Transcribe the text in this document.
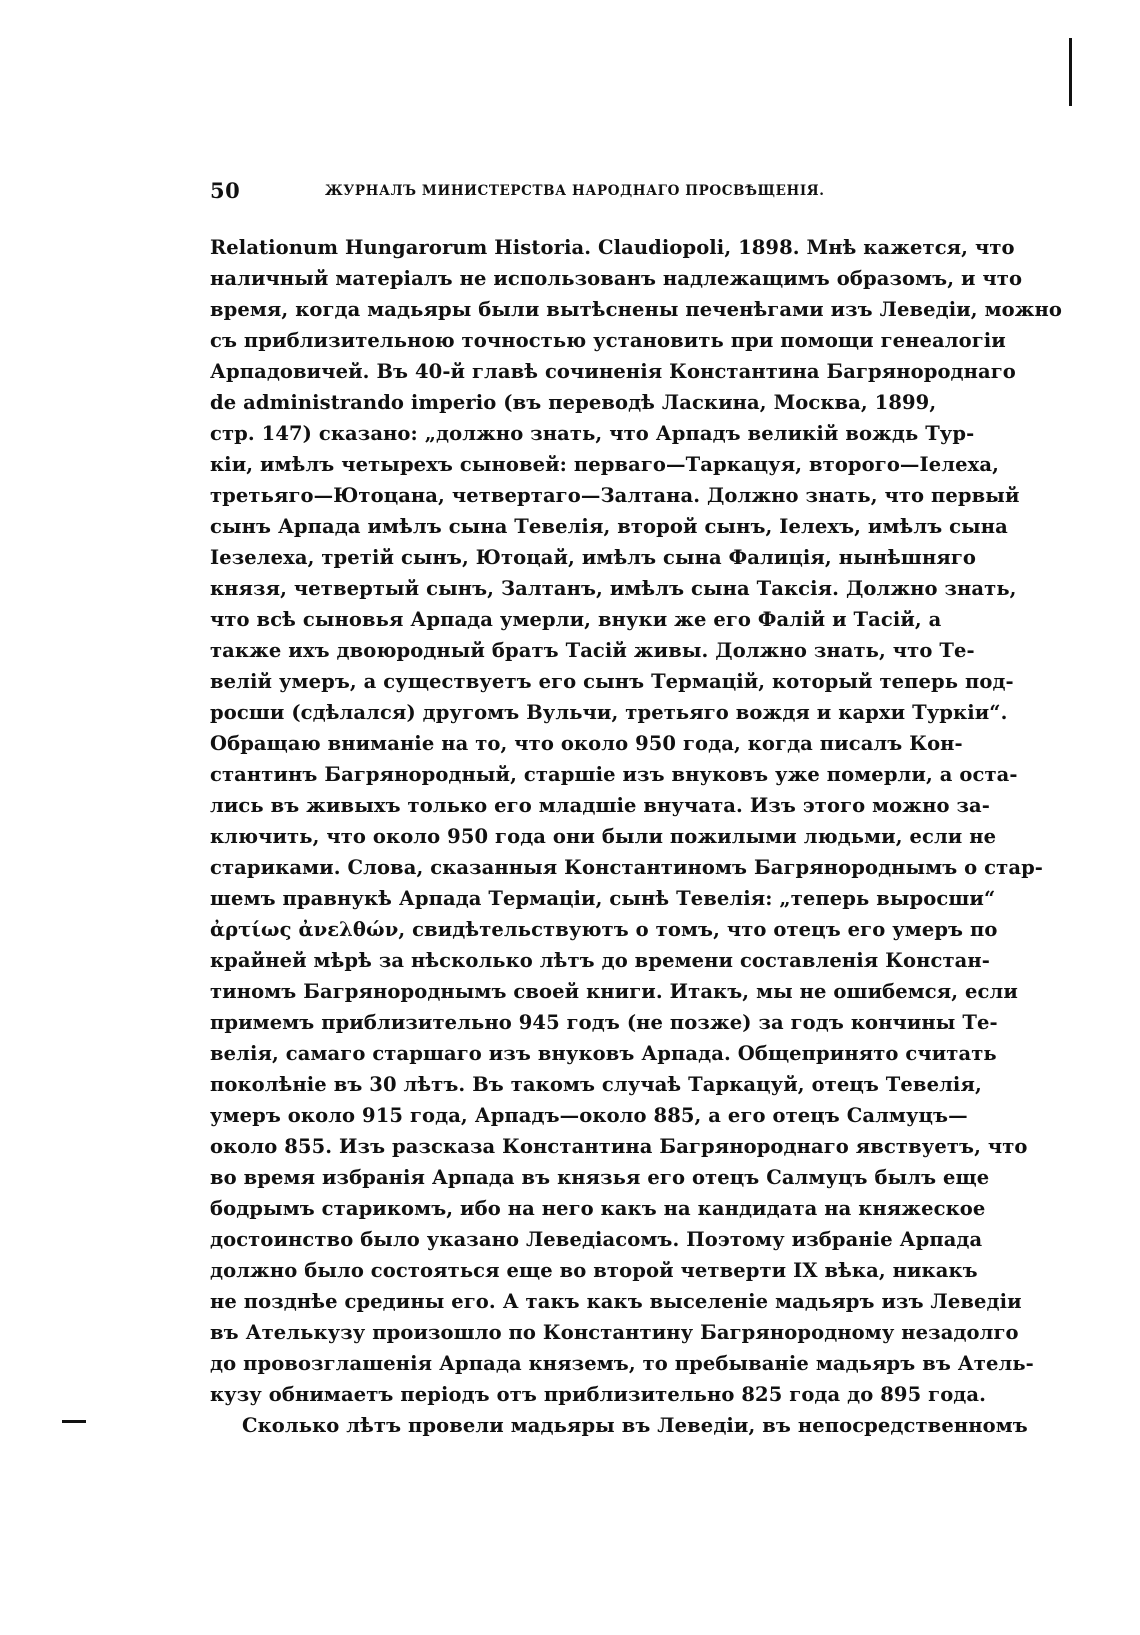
50	ЖУРНАЛЪ МИНИСТЕРСТВА НАРОДНАГО ПРОСВѢЩЕНІЯ.
Relationum Hungarorum Historia. Claudiopoli, 1898. Мнѣ кажется, что
наличный матеріалъ не использованъ надлежащимъ образомъ, и что
время, когда мадьяры были вытѣснены печенѣгами изъ Леведіи, можно
съ приблизительною точностью установить при помощи генеалогіи
Арпадовичей. Въ 40-й главѣ сочиненія Константина Багрянороднаго
de administrando imperio (въ переводѣ Ласкина, Москва, 1899,
стр. 147) сказано: „должно знать, что Арпадъ великій вождь Тур-
кіи, имѣлъ четырехъ сыновей: перваго—Таркацуя, второго—Іелеха,
третьяго—Ютоцана, четвертаго—Залтана. Должно знать, что первый
сынъ Арпада имѣлъ сына Тевелія, второй сынъ, Іелехъ, имѣлъ сына
Іезелеха, третій сынъ, Ютоцай, имѣлъ сына Фалиція, нынѣшняго
князя, четвертый сынъ, Залтанъ, имѣлъ сына Таксія. Должно знать,
что всѣ сыновья Арпада умерли, внуки же его Фалій и Тасій, а
также ихъ двоюродный братъ Тасій живы. Должно знать, что Те-
велій умеръ, а существуетъ его сынъ Термацій, который теперь под-
росши (сдѣлался) другомъ Вульчи, третьяго вождя и кархи Туркіи“.
Обращаю вниманіе на то, что около 950 года, когда писалъ Кон-
стантинъ Багрянородный, старшіе изъ внуковъ уже померли, а оста-
лись въ живыхъ только его младшіе внучата. Изъ этого можно за-
ключить, что около 950 года они были пожилыми людьми, если не
стариками. Слова, сказанныя Константиномъ Багрянороднымъ о стар-
шемъ правнукѣ Арпада Термаціи, сынѣ Тевелія: „теперь выросши“
ἀρτίως ἀνελθών, свидѣтельствуютъ о томъ, что отецъ его умеръ по
крайней мѣрѣ за нѣсколько лѣтъ до времени составленія Констан-
тиномъ Багрянороднымъ своей книги. Итакъ, мы не ошибемся, если
примемъ приблизительно 945 годъ (не позже) за годъ кончины Те-
велія, самаго старшаго изъ внуковъ Арпада. Общепринято считать
поколѣніе въ 30 лѣтъ. Въ такомъ случаѣ Таркацуй, отецъ Тевелія,
умеръ около 915 года, Арпадъ—около 885, а его отецъ Салмуцъ—
около 855. Изъ разсказа Константина Багрянороднаго явствуетъ, что
во время избранія Арпада въ князья его отецъ Салмуцъ былъ еще
бодрымъ старикомъ, ибо на него какъ на кандидата на княжеское
достоинство было указано Леведіасомъ. Поэтому избраніе Арпада
должно было состояться еще во второй четверти IX вѣка, никакъ
не позднѣе средины его. А такъ какъ выселеніе мадьяръ изъ Леведіи
въ Ателькузу произошло по Константину Багрянородному незадолго
до провозглашенія Арпада княземъ, то пребываніе мадьяръ въ Атель-
кузу обнимаетъ періодъ отъ приблизительно 825 года до 895 года.
Сколько лѣтъ провели мадьяры въ Леведіи, въ непосредственномъ
